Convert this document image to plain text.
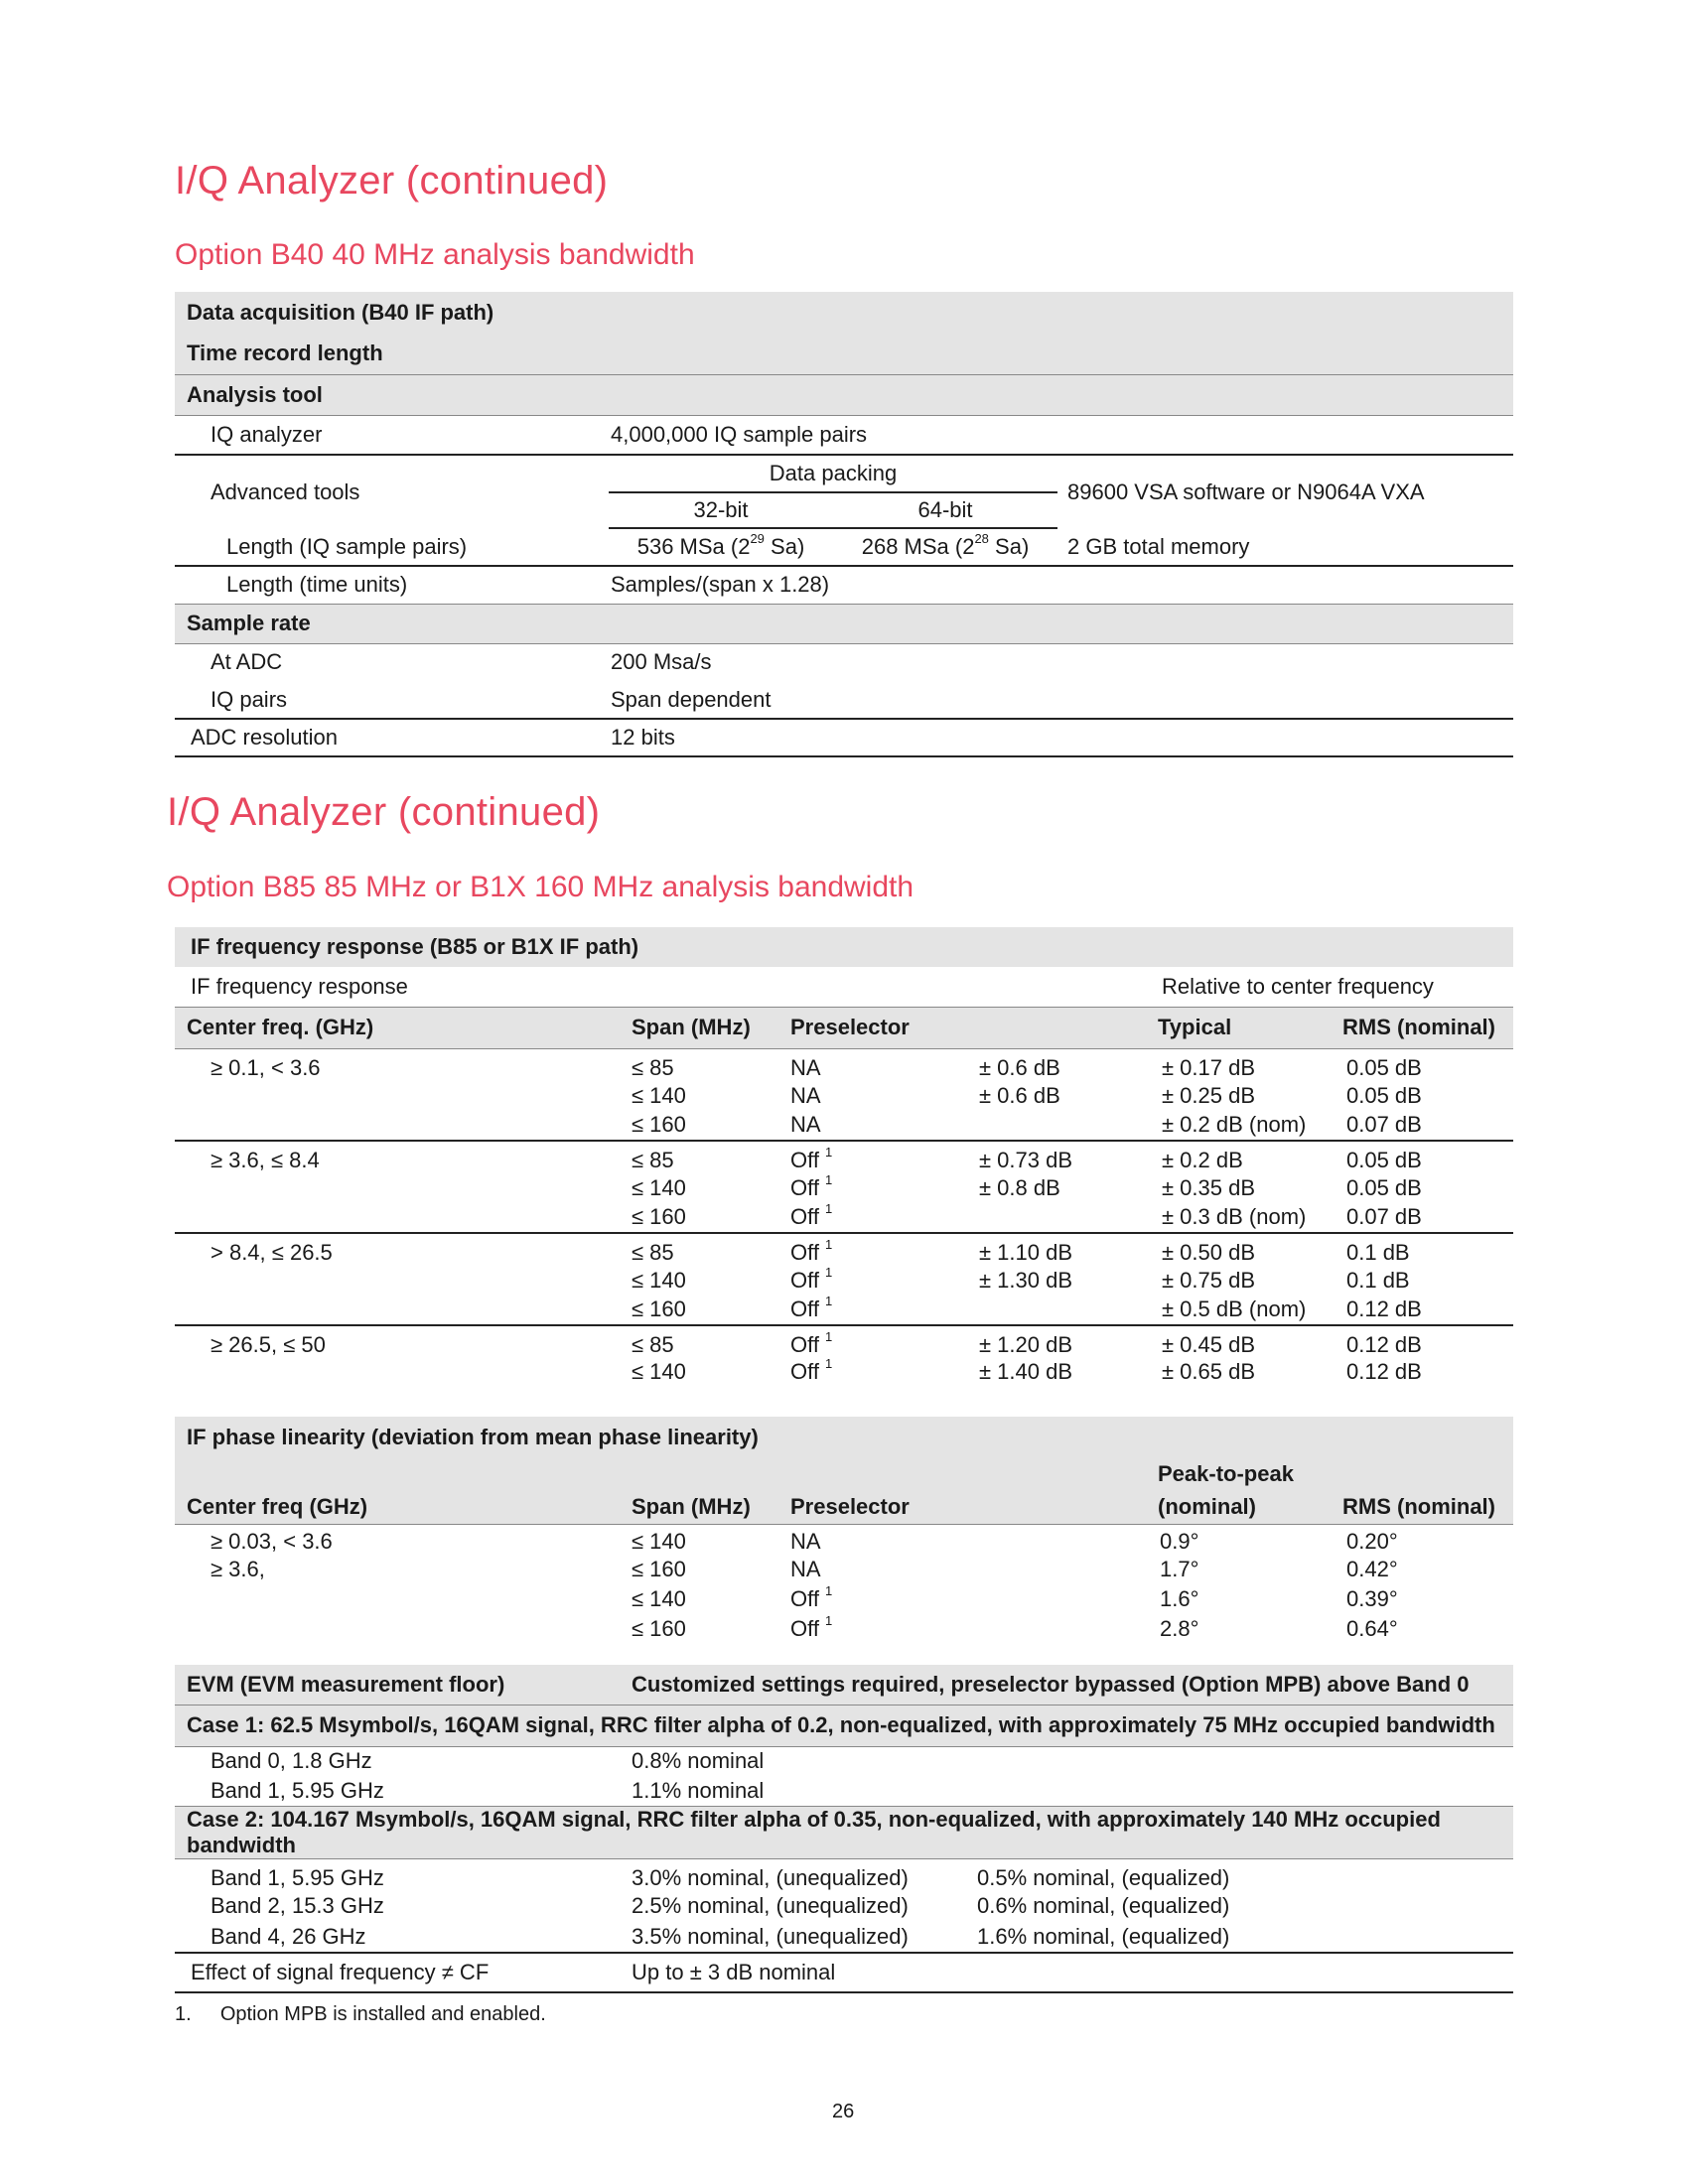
I/Q Analyzer (continued)
Option B40 40 MHz analysis bandwidth
Data acquisition (B40 IF path)			
Time record length			
Analysis tool			
IQ analyzer	4,000,000 IQ sample pairs		
Advanced tools	Data packing		89600 VSA software or N9064A VXA
	32-bit	64-bit	
Length (IQ sample pairs)	536 MSa ($2^{29}$ Sa)	268 MSa ($2^{28}$ Sa)	2 GB total memory
Length (time units)	Samples/(span x 1.28)		
Sample rate			
At ADC	200 Msa/s		
IQ pairs	Span dependent		
ADC resolution	12 bits		
I/Q Analyzer (continued)
Option B85 85 MHz or B1X 160 MHz analysis bandwidth
IF frequency response (B85 or B1X IF path)					
IF frequency response				Relative to center frequency	
Center freq. (GHz)	Span (MHz)	Preselector		Typical	RMS (nominal)
≥ 0.1, < 3.6	≤ 85	NA	± 0.6 dB	± 0.17 dB	0.05 dB
	≤ 140	NA	± 0.6 dB	± 0.25 dB	0.05 dB
	≤ 160	NA		± 0.2 dB (nom)	0.07 dB
≥ 3.6, ≤ 8.4	≤ 85	Off $^1$	± 0.73 dB	± 0.2 dB	0.05 dB
	≤ 140	Off $^1$	± 0.8 dB	± 0.35 dB	0.05 dB
	≤ 160	Off $^1$		± 0.3 dB (nom)	0.07 dB
> 8.4, ≤ 26.5	≤ 85	Off $^1$	± 1.10 dB	± 0.50 dB	0.1 dB
	≤ 140	Off $^1$	± 1.30 dB	± 0.75 dB	0.1 dB
	≤ 160	Off $^1$		± 0.5 dB (nom)	0.12 dB
≥ 26.5, ≤ 50	≤ 85	Off $^1$	± 1.20 dB	± 0.45 dB	0.12 dB
	≤ 140	Off $^1$	± 1.40 dB	± 0.65 dB	0.12 dB
IF phase linearity (deviation from mean phase linearity)				
			Peak-to-peak	
Center freq (GHz)	Span (MHz)	Preselector	(nominal)	RMS (nominal)
≥ 0.03, < 3.6	≤ 140	NA	0.9°	0.20°
≥ 3.6,	≤ 160	NA	1.7°	0.42°
	≤ 140	Off $^1$	1.6°	0.39°
	≤ 160	Off $^1$	2.8°	0.64°
EVM (EVM measurement floor)	Customized settings required, preselector bypassed (Option MPB) above Band 0	
Case 1: 62.5 Msymbol/s, 16QAM signal, RRC filter alpha of 0.2, non-equalized, with approximately 75 MHz occupied bandwidth		
Band 0, 1.8 GHz	0.8% nominal	
Band 1, 5.95 GHz	1.1% nominal	
Case 2: 104.167 Msymbol/s, 16QAM signal, RRC filter alpha of 0.35, non-equalized, with approximately 140 MHz occupied bandwidth		
Band 1, 5.95 GHz	3.0% nominal, (unequalized)	0.5% nominal, (equalized)
Band 2, 15.3 GHz	2.5% nominal, (unequalized)	0.6% nominal, (equalized)
Band 4, 26 GHz	3.5% nominal, (unequalized)	1.6% nominal, (equalized)
Effect of signal frequency ≠ CF	Up to ± 3 dB nominal	
1. Option MPB is installed and enabled.
26
